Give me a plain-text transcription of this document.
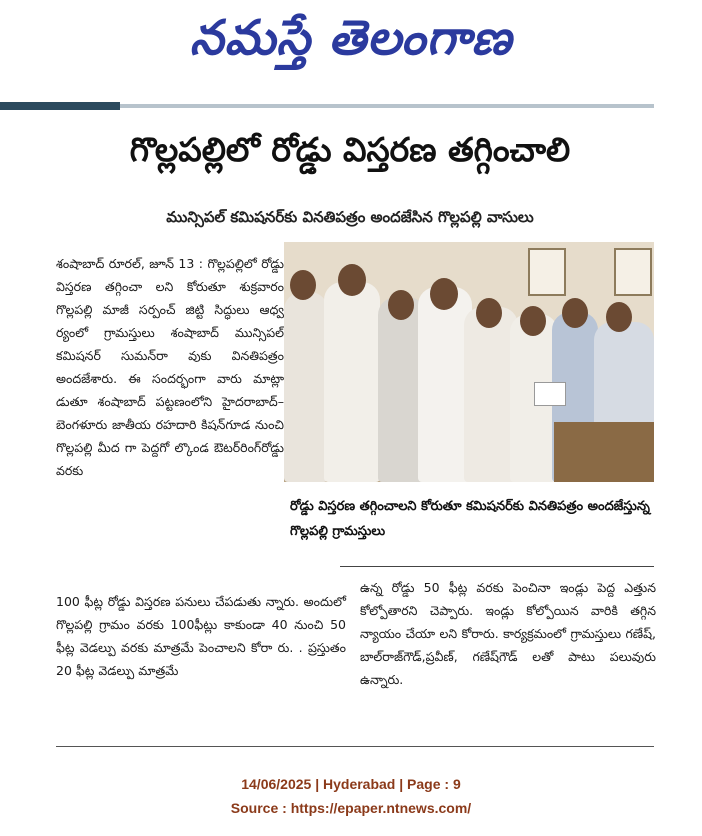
నమస్తే తెలంగాణ
గొల్లపల్లిలో రోడ్డు విస్తరణ తగ్గించాలి
మున్సిపల్ కమిషనర్‌కు వినతిపత్రం అందజేసిన గొల్లపల్లి వాసులు

శంషాబాద్ రూరల్, జూన్ 13 : గొల్లపల్లిలో రోడ్డు విస్తరణ తగ్గించా లని కోరుతూ శుక్రవారం గొల్లపల్లి మాజీ సర్పంచ్ జిట్టి సిద్ధులు ఆధ్వ ర్యంలో గ్రామస్తులు శంషాబాద్ మున్సిపల్ కమిషనర్ సుమన్‌రా వుకు వినతిపత్రం అందజేశారు. ఈ సందర్భంగా వారు మాట్లా డుతూ శంషాబాద్ పట్టణంలోని హైదరాబాద్– బెంగళూరు జాతీయ రహదారి కిషన్‌గూడ నుంచి గొల్లపల్లి మీద గా పెద్దగో ల్కొండ ఔటర్‌రింగ్‌రోడ్డు వరకు

రోడ్డు విస్తరణ తగ్గించాలని కోరుతూ కమిషనర్‌కు వినతిపత్రం అందజేస్తున్న గొల్లపల్లి గ్రామస్తులు

100 ఫీట్ల రోడ్డు విస్తరణ పనులు చేపడుతు న్నారు. అందులో గొల్లపల్లి గ్రామం వరకు 100ఫీట్లు కాకుండా 40 నుంచి 50 ఫీట్ల వెడల్పు వరకు మాత్రమే పెంచాలని కోరా రు. . ప్రస్తుతం 20 ఫీట్ల వెడల్పు మాత్రమే

ఉన్న రోడ్డు 50 ఫీట్ల వరకు పెంచినా ఇండ్లు పెద్ద ఎత్తున కోల్పోతారని చెప్పారు. ఇండ్లు కోల్పోయిన వారికి తగ్గిన న్యాయం చేయా లని కోరారు. కార్యక్రమంలో గ్రామస్తులు గణేష్, బాల్‌రాజ్‌గౌడ్,ప్రవీణ్, గణేష్‌గౌడ్ లతో పాటు పలువురు ఉన్నారు.

14/06/2025 | Hyderabad | Page : 9
Source : https://epaper.ntnews.com/
